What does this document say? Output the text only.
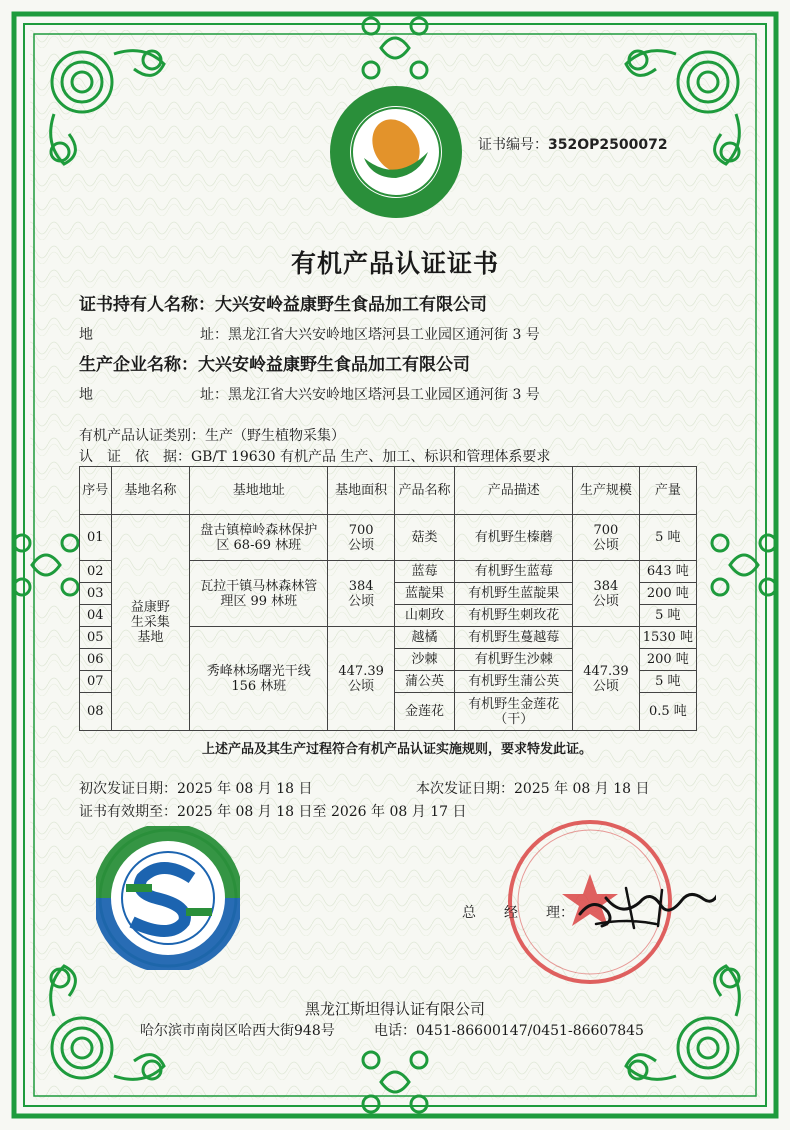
证书编号：352OP2500072
有机产品认证证书
证书持有人名称：大兴安岭益康野生食品加工有限公司
地	址：黑龙江省大兴安岭地区塔河县工业园区通河街 3 号
生产企业名称：大兴安岭益康野生食品加工有限公司
地	址：黑龙江省大兴安岭地区塔河县工业园区通河街 3 号
有机产品认证类别：生产（野生植物采集）
认　证　依　据：GB/T 19630 有机产品 生产、加工、标识和管理体系要求
序号	基地名称	基地地址	基地面积	产品名称	产品描述	生产规模	产量
01	益康野生采集基地	盘古镇樟岭森林保护区 68-69 林班	700 公顷	菇类	有机野生榛蘑	700 公顷	5 吨
02		瓦拉干镇马林森林管理区 99 林班	384 公顷	蓝莓	有机野生蓝莓	384 公顷	643 吨
03				蓝靛果	有机野生蓝靛果		200 吨
04				山刺玫	有机野生刺玫花		5 吨
05		秀峰林场曙光干线 156 林班	447.39 公顷	越橘	有机野生蔓越莓	447.39 公顷	1530 吨
06				沙棘	有机野生沙棘		200 吨
07				蒲公英	有机野生蒲公英		5 吨
08				金莲花	有机野生金莲花（干）		0.5 吨
上述产品及其生产过程符合有机产品认证实施规则，要求特发此证。
初次发证日期：2025 年 08 月 18 日	本次发证日期：2025 年 08 月 18 日
证书有效期至：2025 年 08 月 18 日至 2026 年 08 月 17 日
总　　经　　理：
黑龙江斯坦得认证有限公司
哈尔滨市南岗区哈西大街948号	电话：0451-86600147/0451-86607845
